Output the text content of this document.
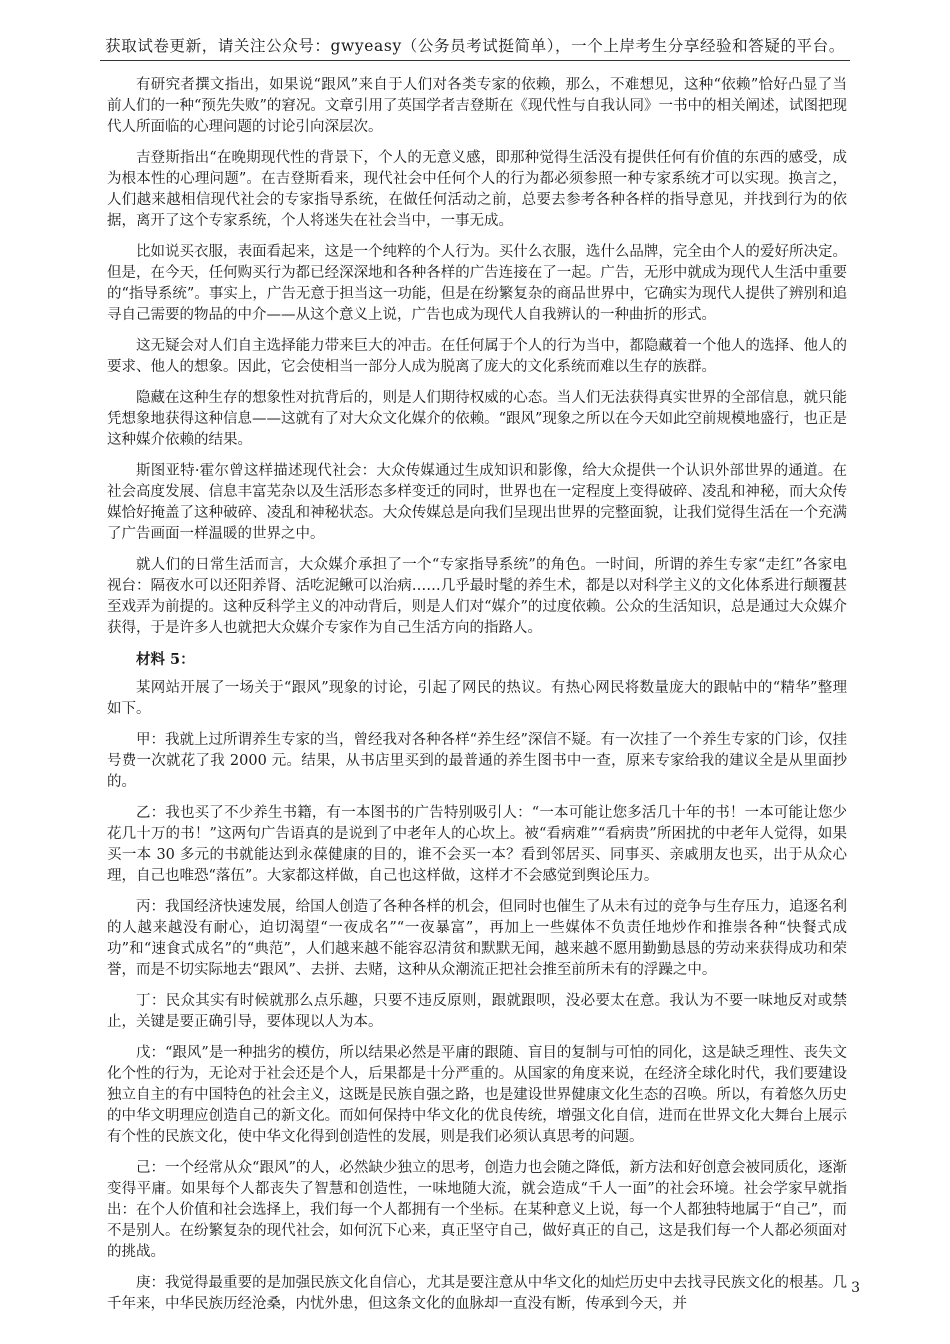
获取试卷更新，请关注公众号：gwyeasy（公务员考试挺简单），一个上岸考生分享经验和答疑的平台。

有研究者撰文指出，如果说“跟风”来自于人们对各类专家的依赖，那么，不难想见，这种“依赖”恰好凸显了当前人们的一种“预先失败”的窘况。文章引用了英国学者吉登斯在《现代性与自我认同》一书中的相关阐述，试图把现代人所面临的心理问题的讨论引向深层次。

吉登斯指出“在晚期现代性的背景下，个人的无意义感，即那种觉得生活没有提供任何有价值的东西的感受，成为根本性的心理问题”。在吉登斯看来，现代社会中任何个人的行为都必须参照一种专家系统才可以实现。换言之，人们越来越相信现代社会的专家指导系统，在做任何活动之前，总要去参考各种各样的指导意见，并找到行为的依据，离开了这个专家系统，个人将迷失在社会当中，一事无成。

比如说买衣服，表面看起来，这是一个纯粹的个人行为。买什么衣服，选什么品牌，完全由个人的爱好所决定。但是，在今天，任何购买行为都已经深深地和各种各样的广告连接在了一起。广告，无形中就成为现代人生活中重要的“指导系统”。事实上，广告无意于担当这一功能，但是在纷繁复杂的商品世界中，它确实为现代人提供了辨别和追寻自己需要的物品的中介——从这个意义上说，广告也成为现代人自我辨认的一种曲折的形式。

这无疑会对人们自主选择能力带来巨大的冲击。在任何属于个人的行为当中，都隐藏着一个他人的选择、他人的要求、他人的想象。因此，它会使相当一部分人成为脱离了庞大的文化系统而难以生存的族群。

隐藏在这种生存的想象性对抗背后的，则是人们期待权威的心态。当人们无法获得真实世界的全部信息，就只能凭想象地获得这种信息——这就有了对大众文化媒介的依赖。“跟风”现象之所以在今天如此空前规模地盛行，也正是这种媒介依赖的结果。

斯图亚特·霍尔曾这样描述现代社会：大众传媒通过生成知识和影像，给大众提供一个认识外部世界的通道。在社会高度发展、信息丰富芜杂以及生活形态多样变迁的同时，世界也在一定程度上变得破碎、凌乱和神秘，而大众传媒恰好掩盖了这种破碎、凌乱和神秘状态。大众传媒总是向我们呈现出世界的完整面貌，让我们觉得生活在一个充满了广告画面一样温暖的世界之中。

就人们的日常生活而言，大众媒介承担了一个“专家指导系统”的角色。一时间，所谓的养生专家“走红”各家电视台：隔夜水可以还阳养肾、活吃泥鳅可以治病……几乎最时髦的养生术，都是以对科学主义的文化体系进行颠覆甚至戏弄为前提的。这种反科学主义的冲动背后，则是人们对“媒介”的过度依赖。公众的生活知识，总是通过大众媒介获得，于是许多人也就把大众媒介专家作为自己生活方向的指路人。

材料 5：

某网站开展了一场关于“跟风”现象的讨论，引起了网民的热议。有热心网民将数量庞大的跟帖中的“精华”整理如下。

甲：我就上过所谓养生专家的当，曾经我对各种各样“养生经”深信不疑。有一次挂了一个养生专家的门诊，仅挂号费一次就花了我 2000 元。结果，从书店里买到的最普通的养生图书中一查，原来专家给我的建议全是从里面抄的。

乙：我也买了不少养生书籍，有一本图书的广告特别吸引人：“一本可能让您多活几十年的书！一本可能让您少花几十万的书！”这两句广告语真的是说到了中老年人的心坎上。被“看病难”“看病贵”所困扰的中老年人觉得，如果买一本 30 多元的书就能达到永葆健康的目的，谁不会买一本？看到邻居买、同事买、亲戚朋友也买，出于从众心理，自己也唯恐“落伍”。大家都这样做，自己也这样做，这样才不会感觉到舆论压力。

丙：我国经济快速发展，给国人创造了各种各样的机会，但同时也催生了从未有过的竞争与生存压力，追逐名利的人越来越没有耐心，迫切渴望“一夜成名”“一夜暴富”，再加上一些媒体不负责任地炒作和推崇各种“快餐式成功”和“速食式成名”的“典范”，人们越来越不能容忍清贫和默默无闻，越来越不愿用勤勤恳恳的劳动来获得成功和荣誉，而是不切实际地去“跟风”、去拼、去赌，这种从众潮流正把社会推至前所未有的浮躁之中。

丁：民众其实有时候就那么点乐趣，只要不违反原则，跟就跟呗，没必要太在意。我认为不要一味地反对或禁止，关键是要正确引导，要体现以人为本。

戊：“跟风”是一种拙劣的模仿，所以结果必然是平庸的跟随、盲目的复制与可怕的同化，这是缺乏理性、丧失文化个性的行为，无论对于社会还是个人，后果都是十分严重的。从国家的角度来说，在经济全球化时代，我们要建设独立自主的有中国特色的社会主义，这既是民族自强之路，也是建设世界健康文化生态的召唤。所以，有着悠久历史的中华文明理应创造自己的新文化。而如何保持中华文化的优良传统，增强文化自信，进而在世界文化大舞台上展示有个性的民族文化，使中华文化得到创造性的发展，则是我们必须认真思考的问题。

己：一个经常从众“跟风”的人，必然缺少独立的思考，创造力也会随之降低，新方法和好创意会被同质化，逐渐变得平庸。如果每个人都丧失了智慧和创造性，一味地随大流，就会造成“千人一面”的社会环境。社会学家早就指出：在个人价值和社会选择上，我们每一个人都拥有一个坐标。在某种意义上说，每一个人都独特地属于“自己”，而不是别人。在纷繁复杂的现代社会，如何沉下心来，真正坚守自己，做好真正的自己，这是我们每一个人都必须面对的挑战。

庚：我觉得最重要的是加强民族文化自信心，尤其是要注意从中华文化的灿烂历史中去找寻民族文化的根基。几千年来，中华民族历经沧桑，内忧外患，但这条文化的血脉却一直没有断，传承到今天，并

3
